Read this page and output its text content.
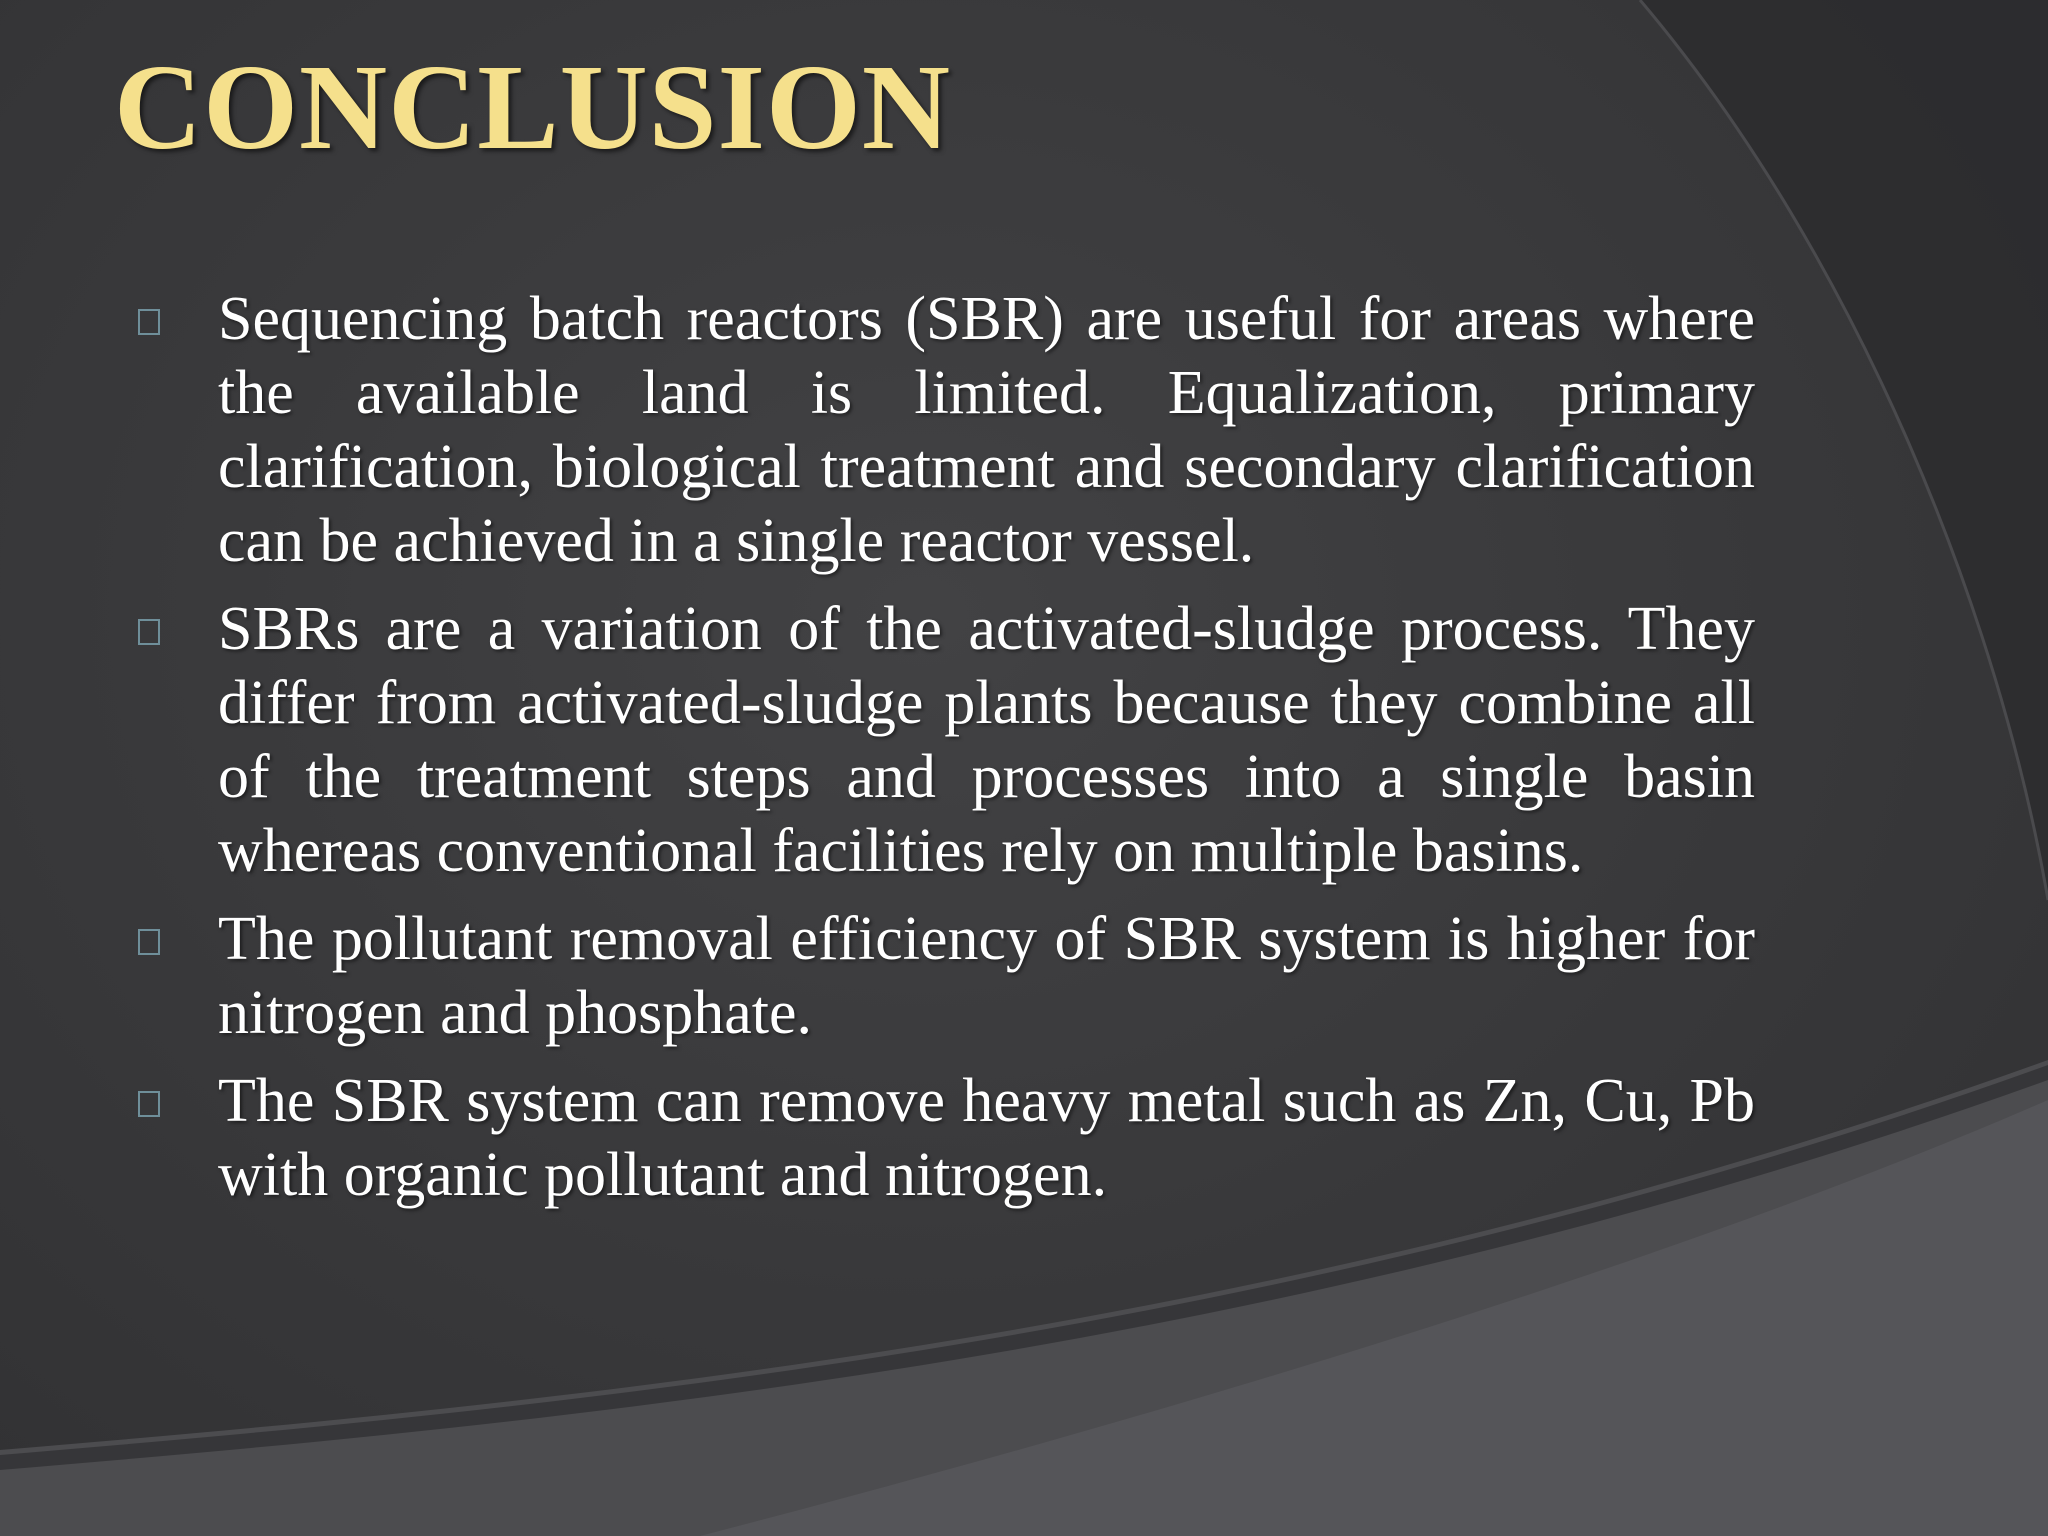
CONCLUSION
Sequencing batch reactors (SBR) are useful for areas where the available land is limited. Equalization, primary clarification, biological treatment and secondary clarification can be achieved in a single reactor vessel.
SBRs are a variation of the activated-sludge process. They differ from activated-sludge plants because they combine all of the treatment steps and processes into a single basin whereas conventional facilities rely on multiple basins.
The pollutant removal efficiency of SBR system is higher for nitrogen and phosphate.
The SBR system can remove heavy metal such as Zn, Cu, Pb with organic pollutant and nitrogen.
